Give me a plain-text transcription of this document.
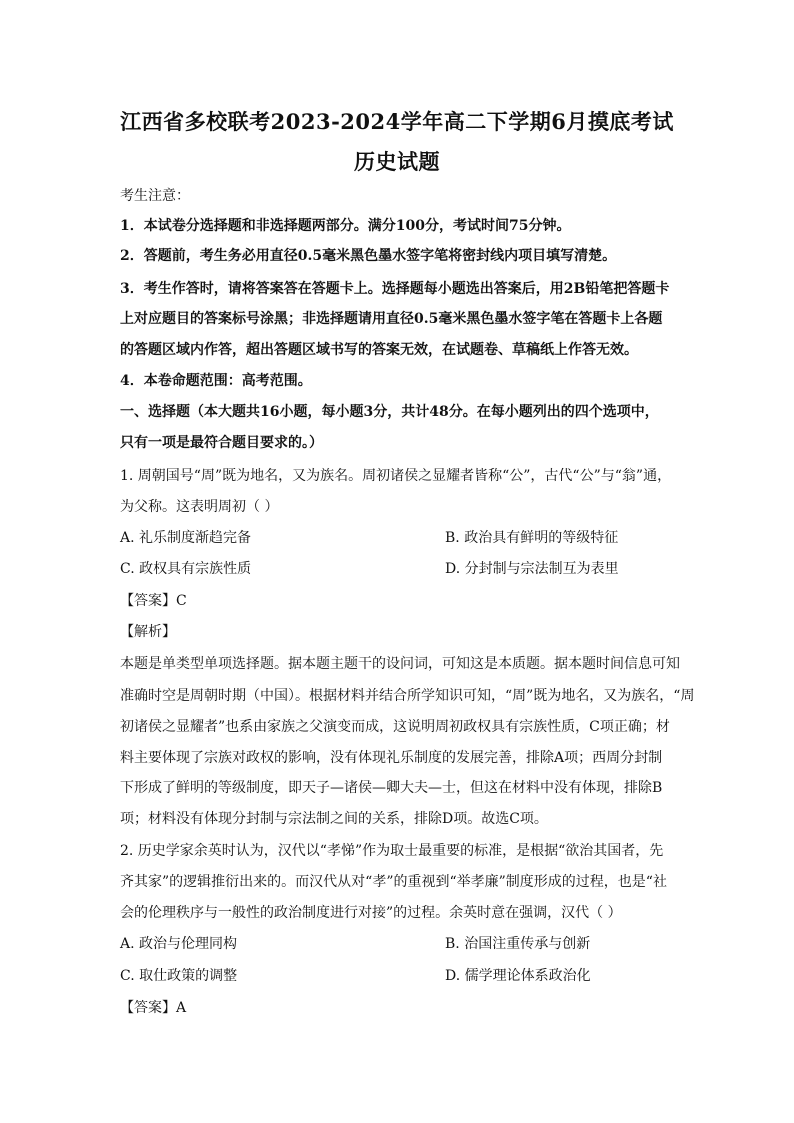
江西省多校联考2023-2024学年高二下学期6月摸底考试
历史试题
考生注意：
1．本试卷分选择题和非选择题两部分。满分100分，考试时间75分钟。
2．答题前，考生务必用直径0.5毫米黑色墨水签字笔将密封线内项目填写清楚。
3．考生作答时，请将答案答在答题卡上。选择题每小题选出答案后，用2B铅笔把答题卡
上对应题目的答案标号涂黑；非选择题请用直径0.5毫米黑色墨水签字笔在答题卡上各题
的答题区域内作答，超出答题区域书写的答案无效，在试题卷、草稿纸上作答无效。
4．本卷命题范围：高考范围。
一、选择题（本大题共16小题，每小题3分，共计48分。在每小题列出的四个选项中，
只有一项是最符合题目要求的。）
1. 周朝国号“周”既为地名，又为族名。周初诸侯之显耀者皆称“公”，古代“公”与“翁”通，
为父称。这表明周初（ ）
A. 礼乐制度渐趋完备	B. 政治具有鲜明的等级特征
C. 政权具有宗族性质	D. 分封制与宗法制互为表里
【答案】C
【解析】
本题是单类型单项选择题。据本题主题干的设问词，可知这是本质题。据本题时间信息可知
准确时空是周朝时期（中国）。根据材料并结合所学知识可知，“周”既为地名，又为族名，“周
初诸侯之显耀者”也系由家族之父演变而成，这说明周初政权具有宗族性质，C项正确；材
料主要体现了宗族对政权的影响，没有体现礼乐制度的发展完善，排除A项；西周分封制
下形成了鲜明的等级制度，即天子—诸侯—卿大夫—士，但这在材料中没有体现，排除B
项；材料没有体现分封制与宗法制之间的关系，排除D项。故选C项。
2. 历史学家余英时认为，汉代以“孝悌”作为取士最重要的标准，是根据“欲治其国者，先
齐其家”的逻辑推衍出来的。而汉代从对“孝”的重视到“举孝廉”制度形成的过程，也是“社
会的伦理秩序与一般性的政治制度进行对接”的过程。余英时意在强调，汉代（ ）
A. 政治与伦理同构	B. 治国注重传承与创新
C. 取仕政策的调整	D. 儒学理论体系政治化
【答案】A
